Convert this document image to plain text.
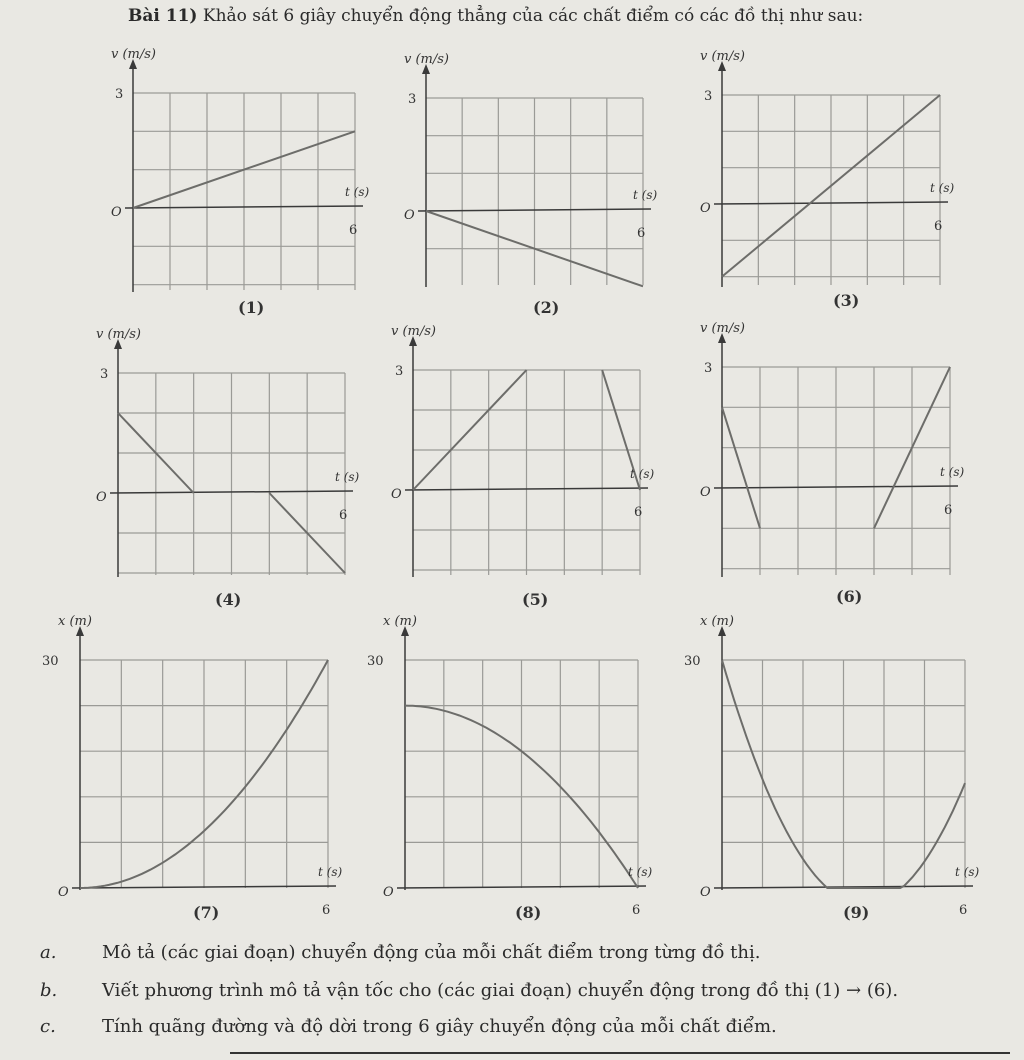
Bài 11) Khảo sát 6 giây chuyển động thẳng của các chất điểm có các đồ thị như sau:
v (m/s)
3
O
t (s)
6
(1)
v (m/s)
3
O
t (s)
6
(2)
v (m/s)
3
O
t (s)
6
(3)
v (m/s)
3
O
t (s)
6
(4)
v (m/s)
3
O
t (s)
6
(5)
v (m/s)
3
O
t (s)
6
(6)
x (m)
30
O
t (s)
6
(7)
x (m)
30
O
t (s)
6
(8)
x (m)
30
O
t (s)
6
(9)
a.	Mô tả (các giai đoạn) chuyển động của mỗi chất điểm trong từng đồ thị.
b. Viết phương trình mô tả vận tốc cho (các giai đoạn) chuyển động trong đồ thị (1) → (6).
c.	Tính quãng đường và độ dời trong 6 giây chuyển động của mỗi chất điểm.
